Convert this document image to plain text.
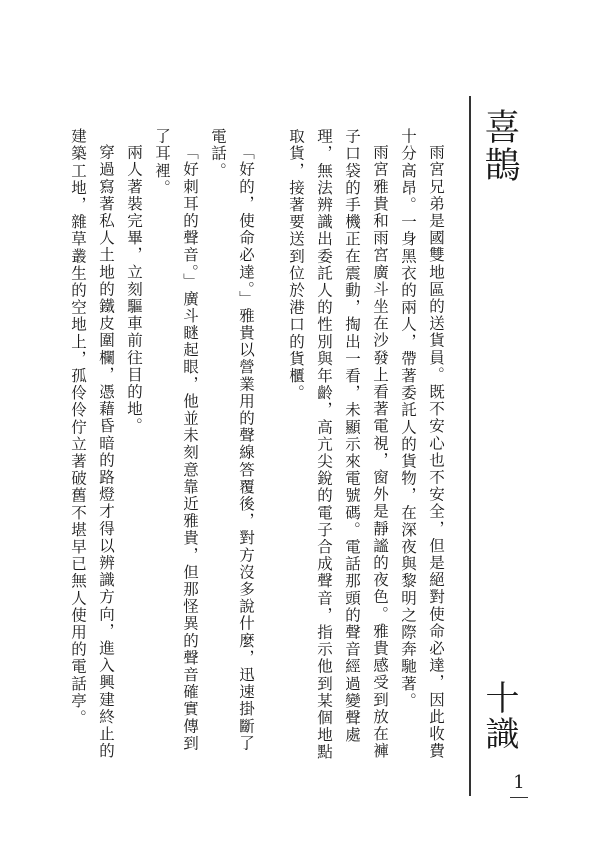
喜鵲
十識

雨宮兄弟是國雙地區的送貨員。既不安心也不安全，但是絕對使命必達，因此收費十分高昂。一身黑衣的兩人，帶著委託人的貨物，在深夜與黎明之際奔馳著。

雨宮雅貴和雨宮廣斗坐在沙發上看著電視，窗外是靜謐的夜色。雅貴感受到放在褲子口袋的手機正在震動，掏出一看，未顯示來電號碼。電話那頭的聲音經過變聲處理，無法辨識出委託人的性別與年齡，高亢尖銳的電子合成聲音，指示他到某個地點取貨，接著要送到位於港口的貨櫃。

「好的，使命必達。」雅貴以營業用的聲線答覆後，對方沒多說什麼，迅速掛斷了電話。

「好刺耳的聲音。」廣斗瞇起眼，他並未刻意靠近雅貴，但那怪異的聲音確實傳到了耳裡。

兩人著裝完畢，立刻驅車前往目的地。

穿過寫著私人土地的鐵皮圍欄，憑藉昏暗的路燈才得以辨識方向，進入興建終止的建築工地，雜草叢生的空地上，孤伶伶佇立著破舊不堪早已無人使用的電話亭。

1
